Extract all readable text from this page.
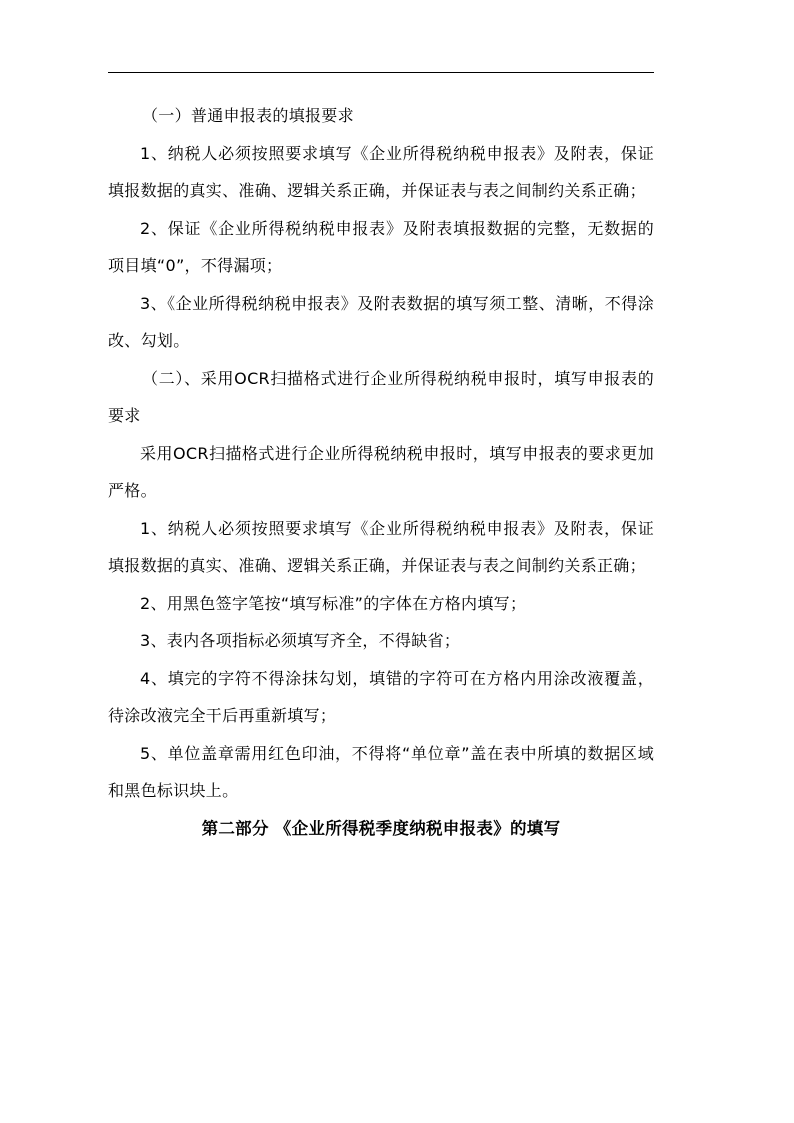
（一）普通申报表的填报要求

1、纳税人必须按照要求填写《企业所得税纳税申报表》及附表，保证填报数据的真实、准确、逻辑关系正确，并保证表与表之间制约关系正确；

2、保证《企业所得税纳税申报表》及附表填报数据的完整，无数据的项目填“0”，不得漏项；

3、《企业所得税纳税申报表》及附表数据的填写须工整、清晰，不得涂改、勾划。

（二）、采用OCR扫描格式进行企业所得税纳税申报时，填写申报表的要求

采用OCR扫描格式进行企业所得税纳税申报时，填写申报表的要求更加严格。

1、纳税人必须按照要求填写《企业所得税纳税申报表》及附表，保证填报数据的真实、准确、逻辑关系正确，并保证表与表之间制约关系正确；

2、用黑色签字笔按“填写标准”的字体在方格内填写；

3、表内各项指标必须填写齐全，不得缺省；

4、填完的字符不得涂抹勾划，填错的字符可在方格内用涂改液覆盖，待涂改液完全干后再重新填写；

5、单位盖章需用红色印油，不得将“单位章”盖在表中所填的数据区域和黑色标识块上。

第二部分 《企业所得税季度纳税申报表》的填写
